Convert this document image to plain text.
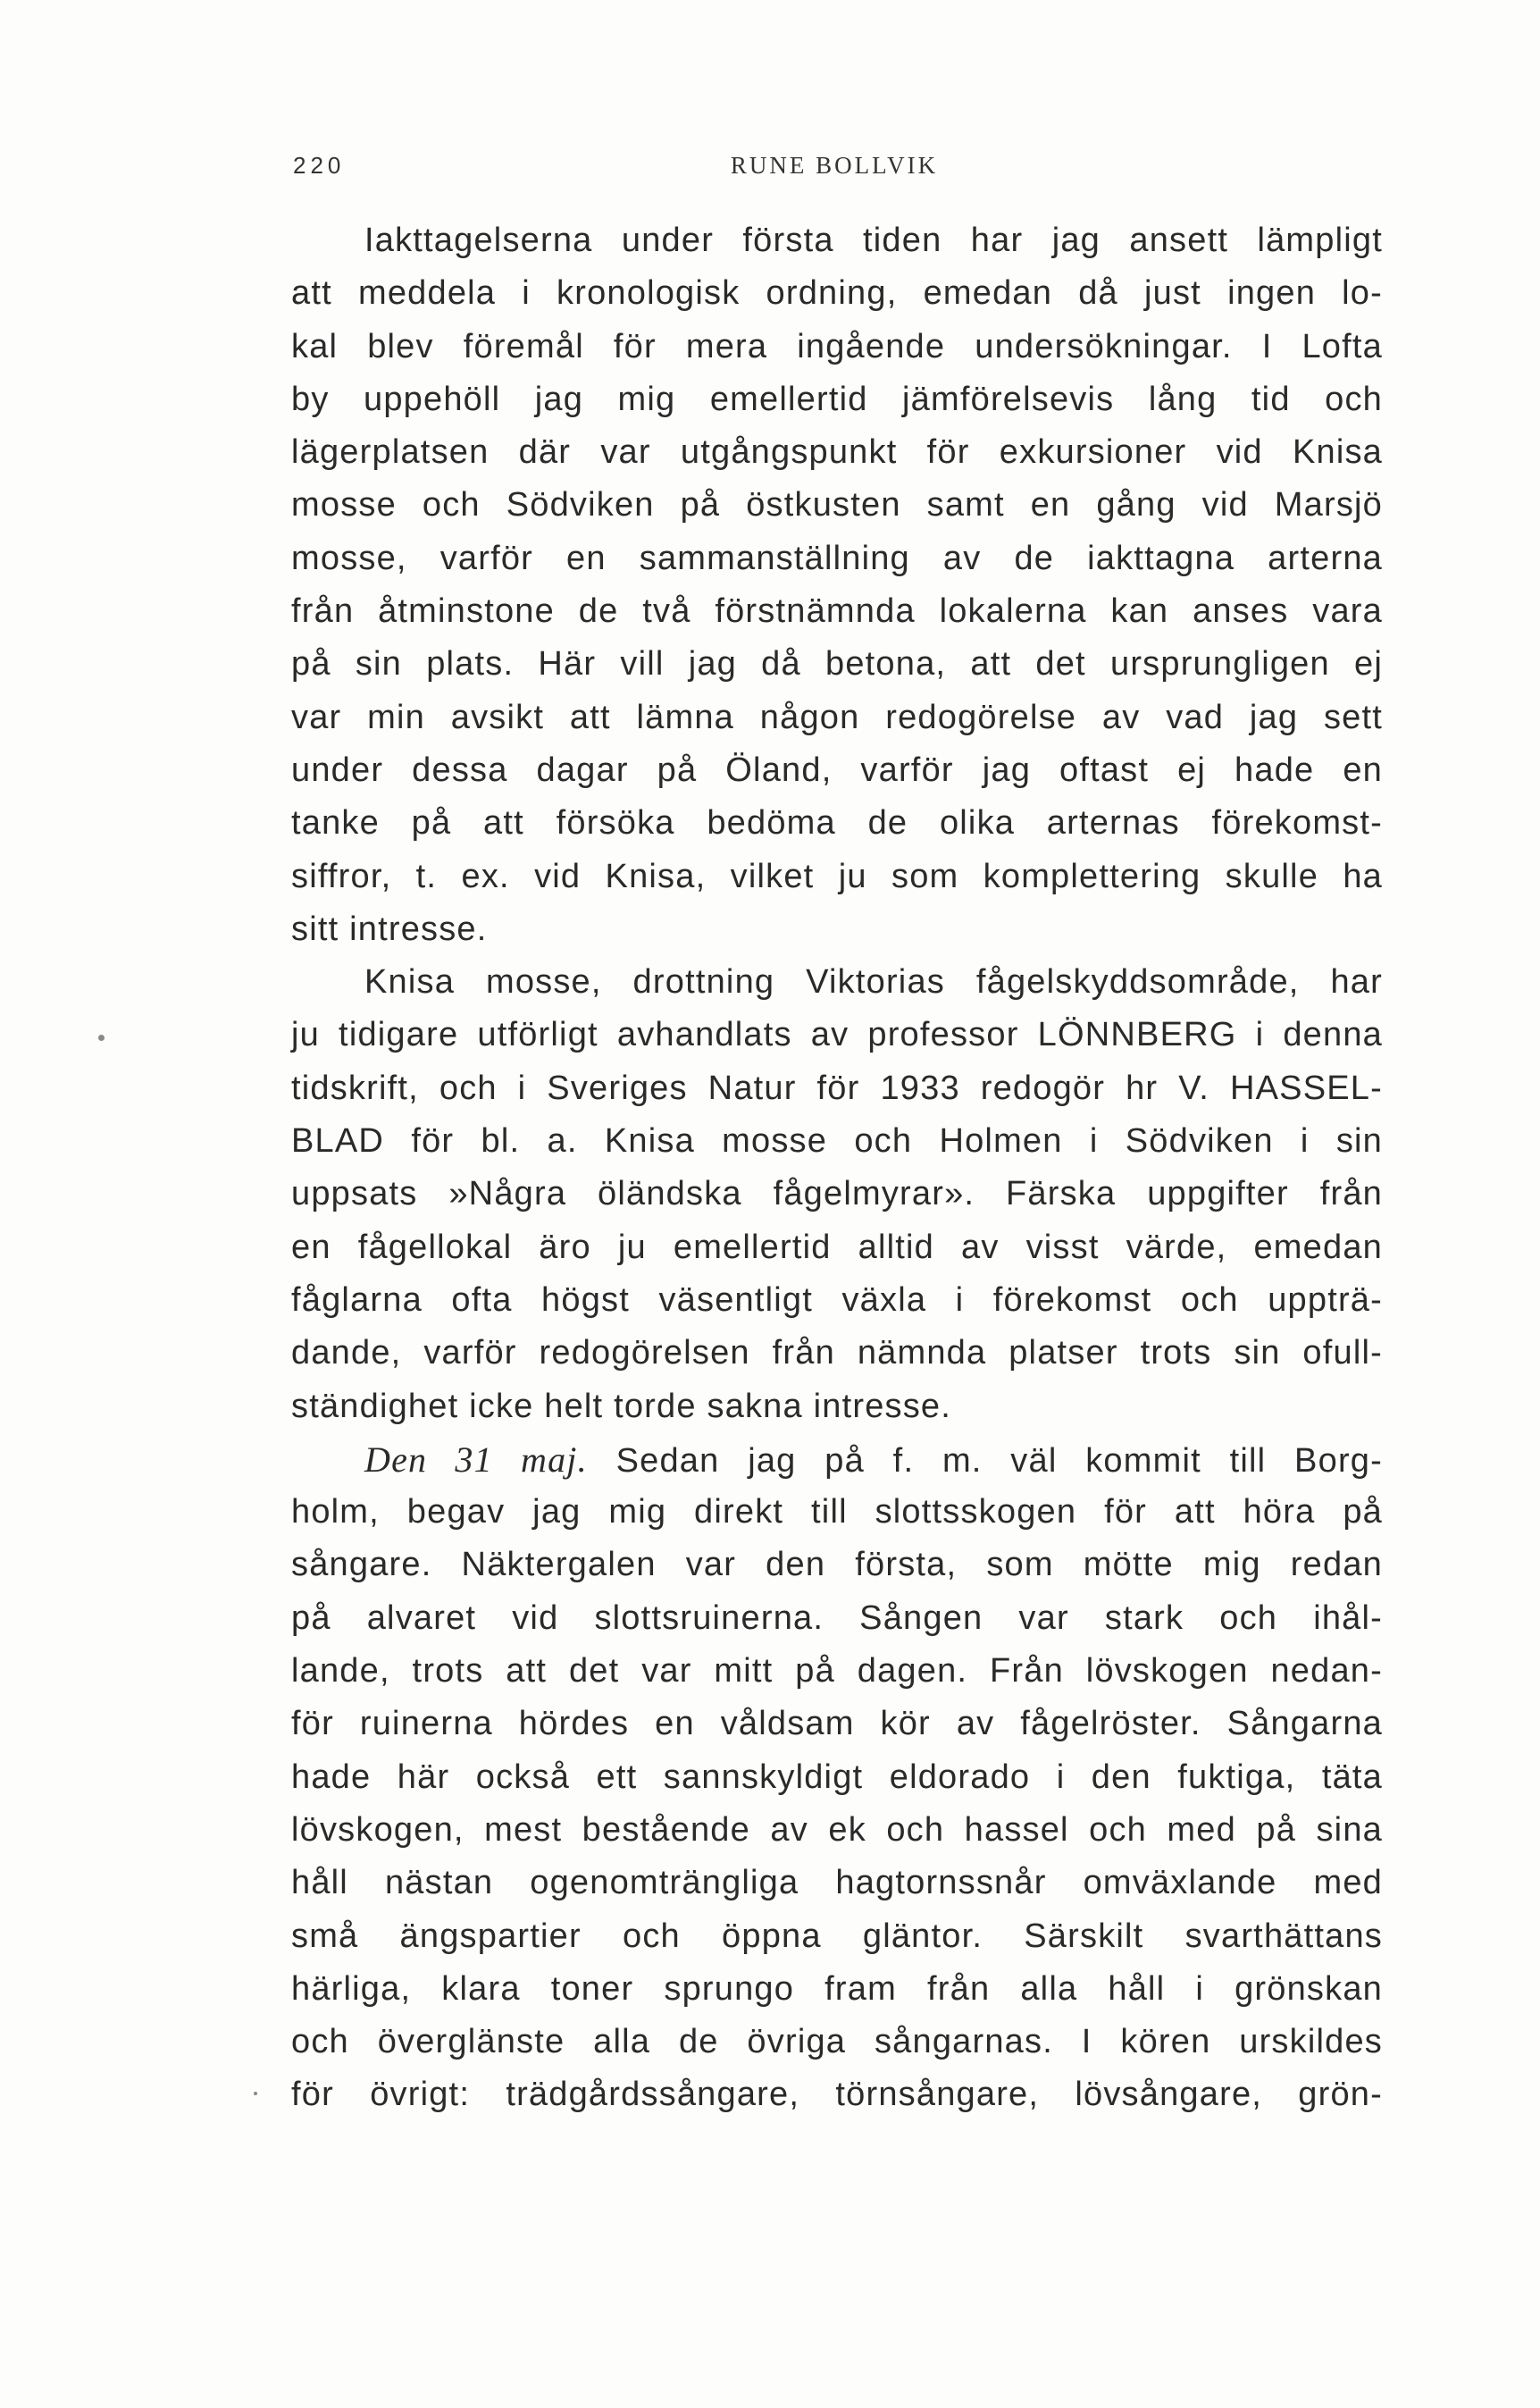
220	RUNE BOLLVIK
Iakttagelserna under första tiden har jag ansett lämpligt
att meddela i kronologisk ordning, emedan då just ingen lo-
kal blev föremål för mera ingående undersökningar. I Lofta
by uppehöll jag mig emellertid jämförelsevis lång tid och
lägerplatsen där var utgångspunkt för exkursioner vid Knisa
mosse och Södviken på östkusten samt en gång vid Marsjö
mosse, varför en sammanställning av de iakttagna arterna
från åtminstone de två förstnämnda lokalerna kan anses vara
på sin plats. Här vill jag då betona, att det ursprungligen ej
var min avsikt att lämna någon redogörelse av vad jag sett
under dessa dagar på Öland, varför jag oftast ej hade en
tanke på att försöka bedöma de olika arternas förekomst-
siffror, t. ex. vid Knisa, vilket ju som komplettering skulle ha
sitt intresse.
Knisa mosse, drottning Viktorias fågelskyddsområde, har
ju tidigare utförligt avhandlats av professor LÖNNBERG i denna
tidskrift, och i Sveriges Natur för 1933 redogör hr V. HASSEL-
BLAD för bl. a. Knisa mosse och Holmen i Södviken i sin
uppsats »Några öländska fågelmyrar». Färska uppgifter från
en fågellokal äro ju emellertid alltid av visst värde, emedan
fåglarna ofta högst väsentligt växla i förekomst och uppträ-
dande, varför redogörelsen från nämnda platser trots sin ofull-
ständighet icke helt torde sakna intresse.
Den 31 maj. Sedan jag på f. m. väl kommit till Borg-
holm, begav jag mig direkt till slottsskogen för att höra på
sångare. Näktergalen var den första, som mötte mig redan
på alvaret vid slottsruinerna. Sången var stark och ihål-
lande, trots att det var mitt på dagen. Från lövskogen nedan-
för ruinerna hördes en våldsam kör av fågelröster. Sångarna
hade här också ett sannskyldigt eldorado i den fuktiga, täta
lövskogen, mest bestående av ek och hassel och med på sina
håll nästan ogenomträngliga hagtornssnår omväxlande med
små ängspartier och öppna gläntor. Särskilt svarthättans
härliga, klara toner sprungo fram från alla håll i grönskan
och överglänste alla de övriga sångarnas. I kören urskildes
för övrigt: trädgårdssångare, törnsångare, lövsångare, grön-
